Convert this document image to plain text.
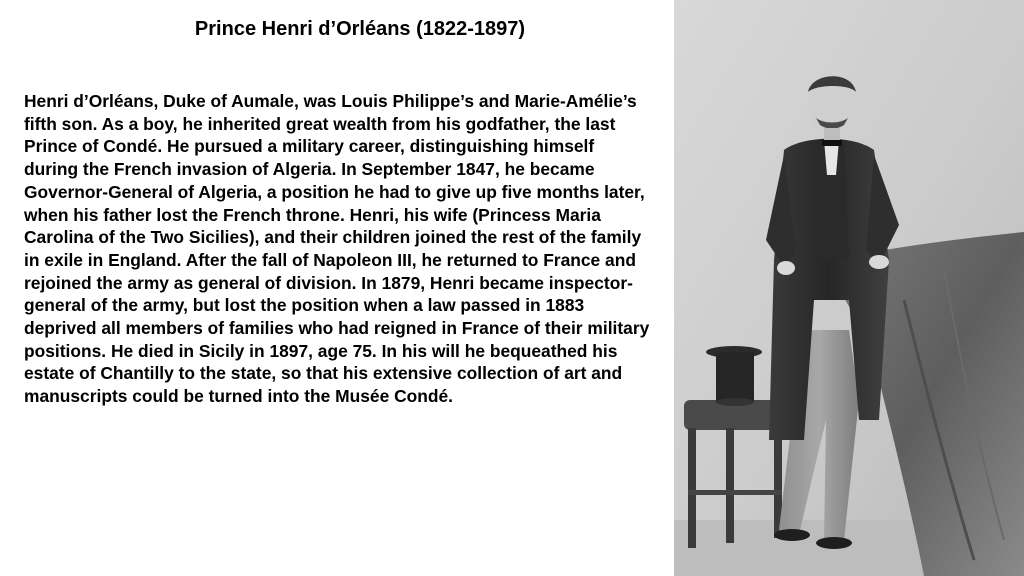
Prince Henri d’Orléans (1822-1897)

Henri d’Orléans, Duke of Aumale, was Louis Philippe’s and Marie-Amélie’s fifth son. As a boy, he inherited great wealth from his godfather, the last Prince of Condé. He pursued a military career, distinguishing himself during the French invasion of Algeria. In September 1847, he became Governor-General of Algeria, a position he had to give up five months later, when his father lost the French throne. Henri, his wife (Princess Maria Carolina of the Two Sicilies), and their children joined the rest of the family in exile in England. After the fall of Napoleon III, he returned to France and rejoined the army as general of division. In 1879, Henri became inspector-general of the army, but lost the position when a law passed in 1883 deprived all members of families who had reigned in France of their military positions. He died in Sicily in 1897, age 75. In his will he bequeathed his estate of Chantilly to the state, so that his extensive collection of art and manuscripts could be turned into the Musée Condé.
